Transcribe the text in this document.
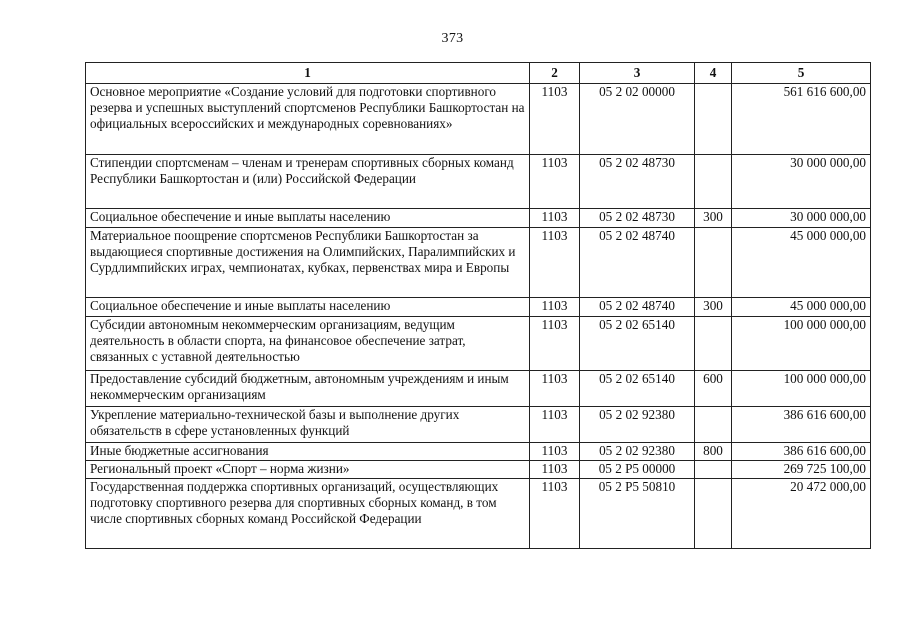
373
1	2	3	4	5
Основное мероприятие «Создание условий для подготовки спортивного резерва и успешных выступлений спортсменов Республики Башкортостан на официальных всероссийских и международных соревнованиях»	1103	05 2 02 00000		561 616 600,00
Стипендии спортсменам – членам и тренерам спортивных сборных команд Республики Башкортостан и (или) Российской Федерации	1103	05 2 02 48730		30 000 000,00
Социальное обеспечение и иные выплаты населению	1103	05 2 02 48730	300	30 000 000,00
Материальное поощрение спортсменов Республики Башкортостан за выдающиеся спортивные достижения на Олимпийских, Паралимпийских и Сурдлимпийских играх, чемпионатах, кубках, первенствах мира и Европы	1103	05 2 02 48740		45 000 000,00
Социальное обеспечение и иные выплаты населению	1103	05 2 02 48740	300	45 000 000,00
Субсидии автономным некоммерческим организациям, ведущим деятельность в области спорта, на финансовое обеспечение затрат, связанных с уставной деятельностью	1103	05 2 02 65140		100 000 000,00
Предоставление субсидий бюджетным, автономным учреждениям и иным некоммерческим организациям	1103	05 2 02 65140	600	100 000 000,00
Укрепление материально-технической базы и выполнение других обязательств в сфере установленных функций	1103	05 2 02 92380		386 616 600,00
Иные бюджетные ассигнования	1103	05 2 02 92380	800	386 616 600,00
Региональный проект «Спорт – норма жизни»	1103	05 2 P5 00000		269 725 100,00
Государственная поддержка спортивных организаций, осуществляющих подготовку спортивного резерва для спортивных сборных команд, в том числе спортивных сборных команд Российской Федерации	1103	05 2 P5 50810		20 472 000,00
